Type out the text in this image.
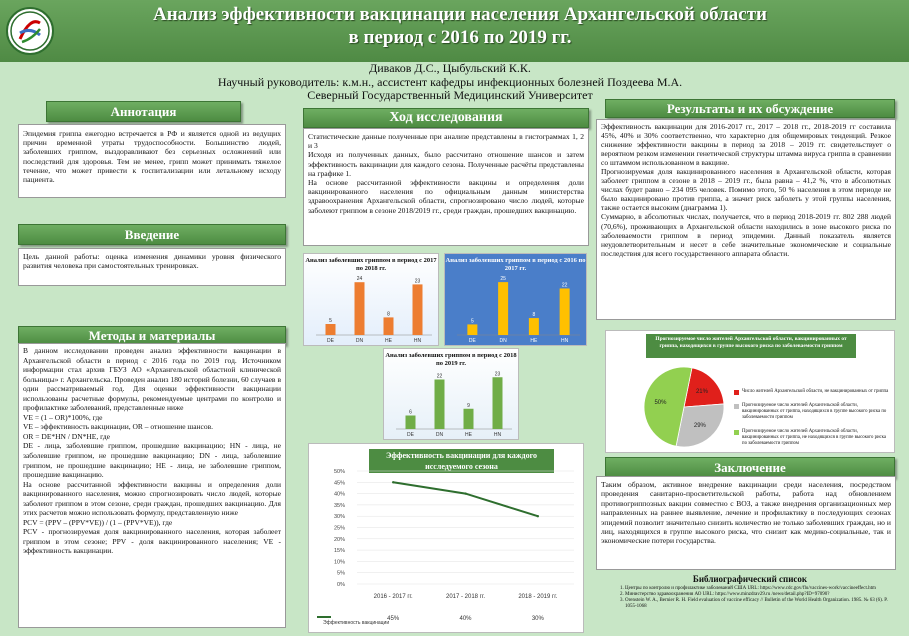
Анализ эффективности вакцинации населения Архангельской области
в период с 2016 по 2019 гг.
Диваков Д.С., Цыбульский К.К.
Научный руководитель: к.м.н., ассистент кафедры инфекционных болезней Поздеева М.А.
Северный Государственный Медицинский Университет
Аннотация
Эпидемия гриппа ежегодно встречается в РФ и является одной из ведущих причин временной утраты трудоспособности. Большинство людей, заболевших гриппом, выздоравливают без серьезных осложнений или последствий для здоровья. Тем не менее, грипп может принимать тяжелое течение, что может привести к госпитализации или летальному исходу пациента.
Введение
Цель данной работы: оценка изменения динамики уровня физического развития человека при самостоятельных тренировках.
Методы и материалы
В данном исследовании проведен анализ эффективности вакцинации в Архангельской области в период с 2016 года по 2019 год. Источником информации стал архив ГБУЗ АО «Архангельской областной клинической больницы» г. Архангельска. Проведен анализ 180 историй болезни, 60 случаев в один рассматриваемый год. Для оценки эффективности вакцинации использованы расчетные формулы, рекомендуемые центрами по контролю и профилактике заболеваний, представленные ниже
VE = (1 – OR)*100%, где
VE – эффективность вакцинации, OR – отношение шансов.
OR = DE*HN / DN*HE, где
DE - лица, заболевшие гриппом, прошедшие вакцинацию; HN - лица, не заболевшие гриппом, не прошедшие вакцинацию; DN - лица, заболевшие гриппом, не прошедшие вакцинацию; HE - лица, не заболевшие гриппом, прошедшие вакцинацию.
На основе рассчитанной эффективности вакцины и определения доли вакцинированного населения, можно спрогнозировать число людей, которые заболеют гриппом в этом сезоне, среди граждан, прошедших вакцинацию. Для этих расчетов можно использовать формулу, представленную ниже
PCV = (PPV – (PPV*VE)) / (1 – (PPV*VE)), где
PCV - прогнозируемая доля вакцинированного населения, которая заболеет гриппом в этом сезоне; PPV - доля вакцинированного населения; VE - эффективность вакцинации.
Ход исследования
Статистические данные полученные при анализе представлены в гистограммах 1, 2 и 3
Исходя из полученных данных, было рассчитано отношение шансов и затем эффективность вакцинации для каждого сезона. Полученные расчёты представлены на графике 1.
На основе рассчитанной эффективности вакцины и определения доли вакцинированного населения по официальным данным министерства здравоохранения Архангельской области, спрогнозировано число людей, которые заболеют гриппом в сезоне 2018/2019 гг., среди граждан, прошедших вакцинацию.
Анализ заболевших гриппом в период с 2017 по 2018 гг.
5
DE
24
DN
8
HE
23
HN
Анализ заболевших гриппом в период с 2016 по 2017 гг.
5
DE
25
DN
8
HE
22
HN
Анализ заболевших гриппом в период с 2018 по 2019 гг.
6
DE
22
DN
9
HE
23
HN
Эффективность вакцинации для каждого исследуемого сезона
0%
5%
10%
15%
20%
25%
30%
35%
40%
45%
50%
2016 - 2017 гг.
45%
2017 - 2018 гг.
40%
2018 - 2019 гг.
30%
Эффективность вакцинации
Результаты и их обсуждение
Эффективность вакцинации для 2016-2017 гг., 2017 – 2018 гг., 2018-2019 гг составила 45%, 40% и 30% соответственно, что характерно для общемировых тенденций. Резкое снижение эффективности вакцины в период за 2018 – 2019 гг. свидетельствует о вероятном резком изменении генетической структуры штамма вируса гриппа в сравнении со штаммом использованном в вакцине.
Прогнозируемая доля вакцинированного населения в Архангельской области, которая заболеет гриппом в сезоне в 2018 – 2019 гг., была равна – 41,2 %, что в абсолютных числах будет равно – 234 095 человек. Помимо этого, 50 % населения в этом периоде не было вакцинировано против гриппа, а значит риск заболеть у этой группы населения, также остается высоким (диаграмма 1).
Суммарно, в абсолютных числах, получается, что в период 2018-2019 гг. 802 288 людей (70,6%), проживающих в Архангельской области находились в зоне высокого риска по заболеваемости гриппом в период эпидемии. Данный показатель является неудовлетворительным и несет в себе значительные экономические и социальные последствия для всего государственного аппарата области.
Прогнозируемое число жителей Архангельской области, вакцинированных от гриппа, находящихся в группе высокого риска по заболеваемости гриппом
21%
29%
50%
Число жителей Архангельской области, не вакцинированных от гриппа
Прогнозируемое число жителей Архангельской области, вакцинированных от гриппа, находящихся в группе высокого риска по заболеваемости гриппом
Прогнозируемое число жителей Архангельской области, вакцинированных от гриппа, не находящихся в группе высокого риска по заболеваемости гриппом
Заключение
Таким образом, активное внедрение вакцинации среди населения, посредством проведения санитарно-просветительской работы, работа над обновлением противогриппозных вакцин совместно с ВОЗ, а также внедрения организационных мер направленных на раннее выявление, лечение и профилактику в последующих сезонах эпидемий позволит значительно снизить количество не только заболевших граждан, но и лиц, находящихся в группе высокого риска, что снизит как медико-социальные, так и экономические потери государства.
Библиографический список
1. Центры по контролю и профилактике заболеваний США URL: https://www.cdc.gov/flu/vaccines-work/vaccineeffect.htm
2. Министерство здравоохранения АО URL: https://www.minzdrav29.ru /news/detail.php?ID=97090?
3. Orenstein W. A., Bernier R. H. Field evaluation of vaccine efficacy // Bulletin of the World Health Organization. 1985. № 63 (6). P. 1055-1068
